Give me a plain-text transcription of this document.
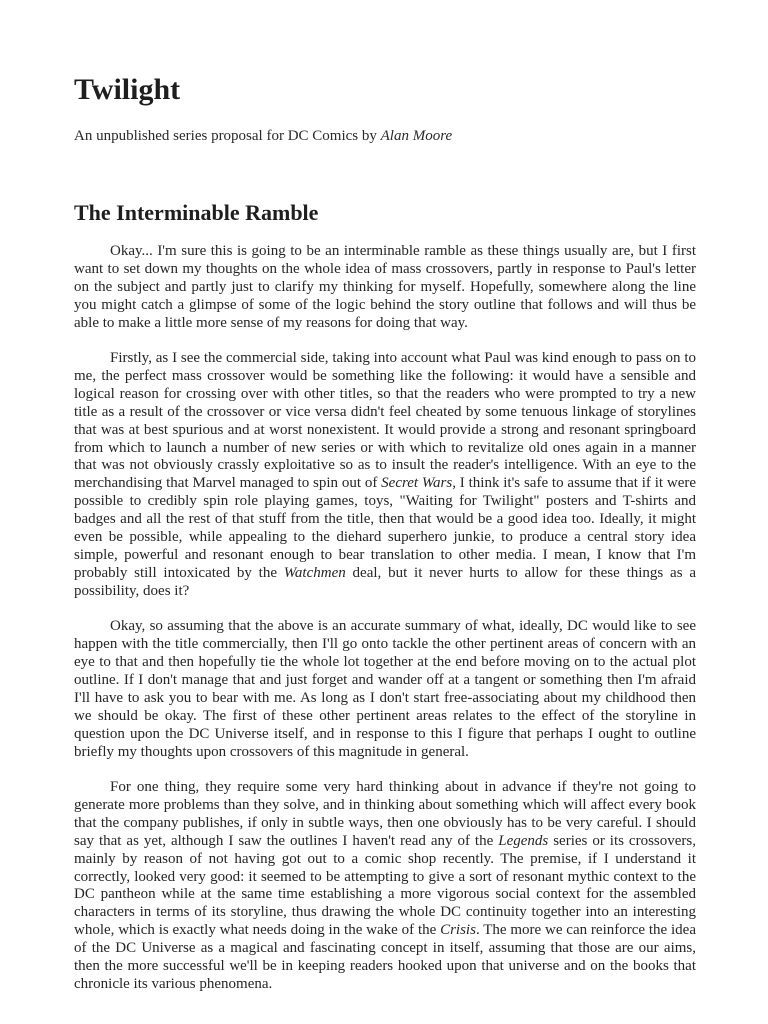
Twilight

An unpublished series proposal for DC Comics by Alan Moore

The Interminable Ramble

Okay... I'm sure this is going to be an interminable ramble as these things usually are, but I first want to set down my thoughts on the whole idea of mass crossovers, partly in response to Paul's letter on the subject and partly just to clarify my thinking for myself. Hopefully, somewhere along the line you might catch a glimpse of some of the logic behind the story outline that follows and will thus be able to make a little more sense of my reasons for doing that way.

Firstly, as I see the commercial side, taking into account what Paul was kind enough to pass on to me, the perfect mass crossover would be something like the following: it would have a sensible and logical reason for crossing over with other titles, so that the readers who were prompted to try a new title as a result of the crossover or vice versa didn't feel cheated by some tenuous linkage of storylines that was at best spurious and at worst nonexistent. It would provide a strong and resonant springboard from which to launch a number of new series or with which to revitalize old ones again in a manner that was not obviously crassly exploitative so as to insult the reader's intelligence. With an eye to the merchandising that Marvel managed to spin out of Secret Wars, I think it's safe to assume that if it were possible to credibly spin role playing games, toys, "Waiting for Twilight" posters and T-shirts and badges and all the rest of that stuff from the title, then that would be a good idea too. Ideally, it might even be possible, while appealing to the diehard superhero junkie, to produce a central story idea simple, powerful and resonant enough to bear translation to other media. I mean, I know that I'm probably still intoxicated by the Watchmen deal, but it never hurts to allow for these things as a possibility, does it?

Okay, so assuming that the above is an accurate summary of what, ideally, DC would like to see happen with the title commercially, then I'll go onto tackle the other pertinent areas of concern with an eye to that and then hopefully tie the whole lot together at the end before moving on to the actual plot outline. If I don't manage that and just forget and wander off at a tangent or something then I'm afraid I'll have to ask you to bear with me. As long as I don't start free-associating about my childhood then we should be okay. The first of these other pertinent areas relates to the effect of the storyline in question upon the DC Universe itself, and in response to this I figure that perhaps I ought to outline briefly my thoughts upon crossovers of this magnitude in general.

For one thing, they require some very hard thinking about in advance if they're not going to generate more problems than they solve, and in thinking about something which will affect every book that the company publishes, if only in subtle ways, then one obviously has to be very careful. I should say that as yet, although I saw the outlines I haven't read any of the Legends series or its crossovers, mainly by reason of not having got out to a comic shop recently. The premise, if I understand it correctly, looked very good: it seemed to be attempting to give a sort of resonant mythic context to the DC pantheon while at the same time establishing a more vigorous social context for the assembled characters in terms of its storyline, thus drawing the whole DC continuity together into an interesting whole, which is exactly what needs doing in the wake of the Crisis. The more we can reinforce the idea of the DC Universe as a magical and fascinating concept in itself, assuming that those are our aims, then the more successful we'll be in keeping readers hooked upon that universe and on the books that chronicle its various phenomena.
